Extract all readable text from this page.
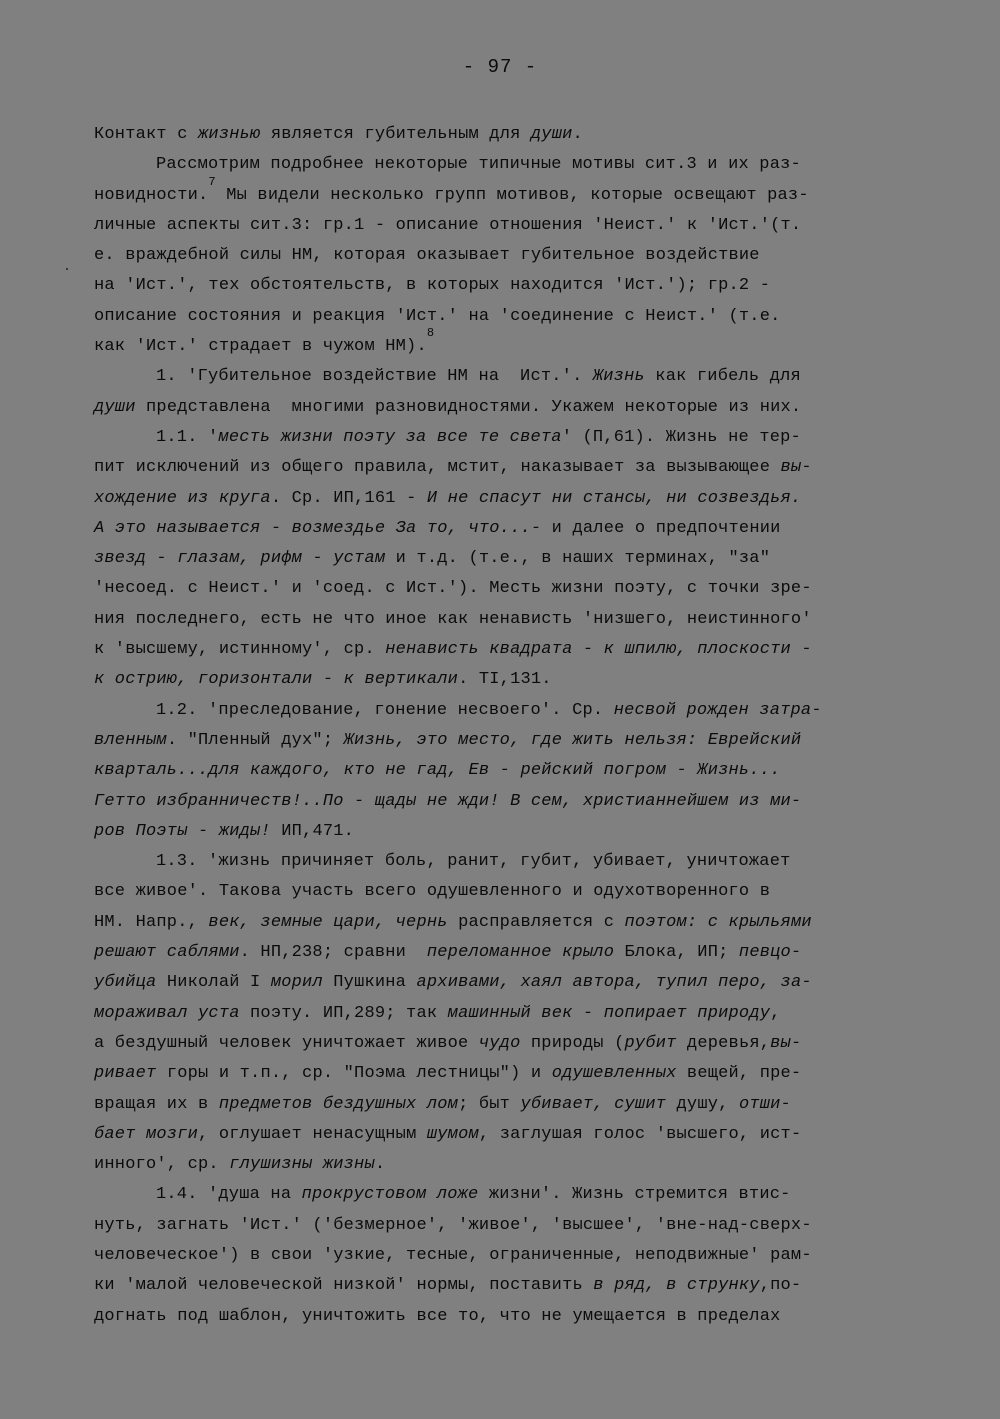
- 97 -
Контакт с жизнью является губительным для души.
Рассмотрим подробнее некоторые типичные мотивы сит.3 и их раз-
новидности.$^7$ Мы видели несколько групп мотивов, которые освещают раз-
личные аспекты сит.3: гр.1 - описание отношения 'Неист.' к 'Ист.'(т.
е. враждебной силы НМ, которая оказывает губительное воздействие
на 'Ист.', тех обстоятельств, в которых находится 'Ист.'); гр.2 -
описание состояния и реакция 'Ист.' на 'соединение с Неист.' (т.е.
как 'Ист.' страдает в чужом НМ).$^8$
1. 'Губительное воздействие НМ на  Ист.'. Жизнь как гибель для
души представлена  многими разновидностями. Укажем некоторые из них.
1.1. 'месть жизни поэту за все те света' (П,61). Жизнь не тер-
пит исключений из общего правила, мстит, наказывает за вызывающее вы-
хождение из круга. Ср. ИП,161 - И не спасут ни стансы, ни созвездья.
А это называется - возмездье За то, что...- и далее о предпочтении
звезд - глазам, рифм - устам и т.д. (т.е., в наших терминах, "за"
'несоед. с Неист.' и 'соед. с Ист.'). Месть жизни поэту, с точки зре-
ния последнего, есть не что иное как ненависть 'низшего, неистинного'
к 'высшему, истинному', ср. ненависть квадрата - к шпилю, плоскости -
к острию, горизонтали - к вертикали. ТI,131.
1.2. 'преследование, гонение несвоего'. Ср. несвой рожден затра-
вленным. "Пленный дух"; Жизнь, это место, где жить нельзя: Еврейский
кварталь...для каждого, кто не гад, Ев - рейский погром - Жизнь...
Гетто избранничеств!..По - щады не жди! В сем, христианнейшем из ми-
ров Поэты - жиды! ИП,471.
1.3. 'жизнь причиняет боль, ранит, губит, убивает, уничтожает
все живое'. Такова участь всего одушевленного и одухотворенного в
НМ. Напр., век, земные цари, чернь расправляется с поэтом: с крыльями
решают саблями. НП,238; сравни  переломанное крыло Блока, ИП; певцо-
убийца Николай I морил Пушкина архивами, хаял автора, тупил перо, за-
мораживал уста поэту. ИП,289; так машинный век - попирает природу,
а бездушный человек уничтожает живое чудо природы (рубит деревья,вы-
ривает горы и т.п., ср. "Поэма лестницы") и одушевленных вещей, пре-
вращая их в предметов бездушных лом; быт убивает, сушит душу, отши-
бает мозги, оглушает ненасущным шумом, заглушая голос 'высшего, ист-
инного', ср. глушизны жизны.
1.4. 'душа на прокрустовом ложе жизни'. Жизнь стремится втис-
нуть, загнать 'Ист.' ('безмерное', 'живое', 'высшее', 'вне-над-сверх-
человеческое') в свои 'узкие, тесные, ограниченные, неподвижные' рам-
ки 'малой человеческой низкой' нормы, поставить в ряд, в струнку,по-
догнать под шаблон, уничтожить все то, что не умещается в пределах
